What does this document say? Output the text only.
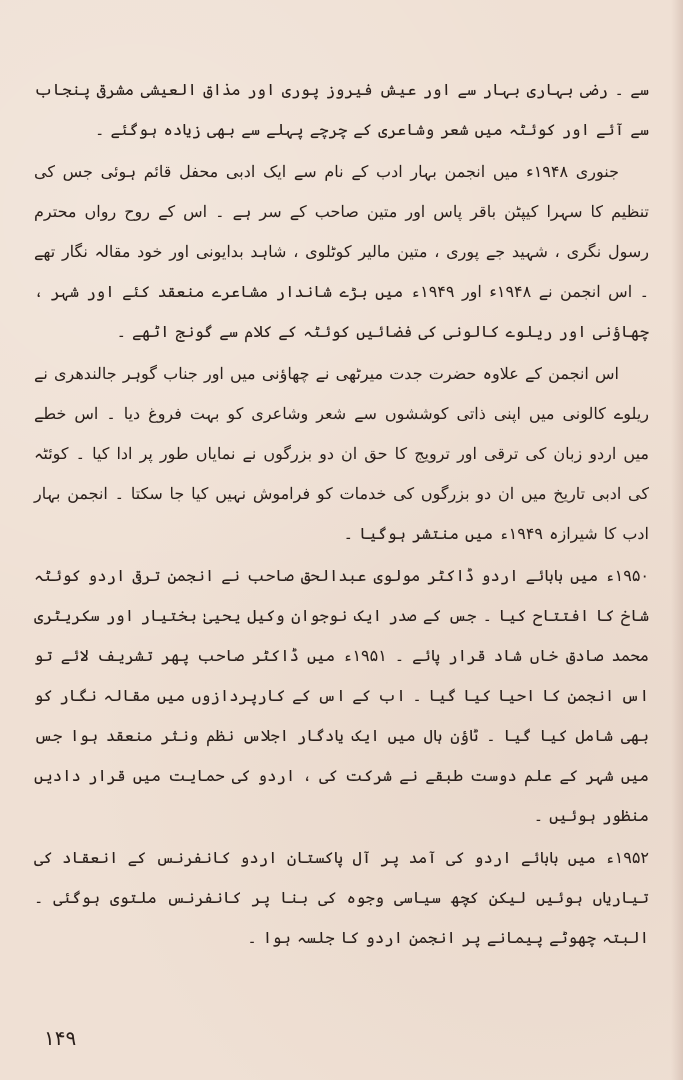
سے ۔ رضی بہاری بہار سے اور عیش فیروز پوری اور مذاق العیشی مشرقی پنجاب سے آئے اور کوئٹہ میں شعر وشاعری کے چرچے پہلے سے بھی زیادہ ہوگئے ۔

جنوری ۱۹۴۸ء میں انجمن بہار ادب کے نام سے ایک ادبی محفل قائم ہوئی جس کی تنظیم کا سہرا کیپٹن باقر پاس اور متین صاحب کے سر ہے ۔ اس کے روح رواں محترم رسول نگری ، شہید جے پوری ، متین مالیر کوٹلوی ، شاہد بدایونی اور خود مقالہ نگار تھے ۔ اس انجمن نے ۱۹۴۸ء اور ۱۹۴۹ء میں بڑے شاندار مشاعرے منعقد کئے اور شہر ، چھاؤنی اور ریلوے کالونی کی فضائیں کوئٹہ کے کلام سے گونج اٹھے ۔

اس انجمن کے علاوہ حضرت جدت میرٹھی نے چھاؤنی میں اور جناب گوہر جالندھری نے ریلوے کالونی میں اپنی ذاتی کوششوں سے شعر وشاعری کو بہت فروغ دیا ۔ اس خطے میں اردو زبان کی ترقی اور ترویج کا حق ان دو بزرگوں نے نمایاں طور پر ادا کیا ۔ کوئٹہ کی ادبی تاریخ میں ان دو بزرگوں کی خدمات کو فراموش نہیں کیا جا سکتا ۔ انجمن بہار ادب کا شیرازہ ۱۹۴۹ء میں منتشر ہوگیا ۔

۱۹۵۰ء میں بابائے اردو ڈاکٹر مولوی عبدالحق صاحب نے انجمن ترقی اردو کوئٹہ شاخ کا افتتاح کیا ۔ جس کے صدر ایک نوجوان وکیل یحییٰ بختیار اور سکریٹری محمد صادق خاں شاد قرار پائے ۔ ۱۹۵۱ء میں ڈاکٹر صاحب پھر تشریف لائے تو اس انجمن کا احیا کیا گیا ۔ اب کے اس کے کارپردازوں میں مقالہ نگار کو بھی شامل کیا گیا ۔ ٹاؤن ہال میں ایک یادگار اجلاس نظم ونثر منعقد ہوا جس میں شہر کے علم دوست طبقے نے شرکت کی ، اردو کی حمایت میں قرار دادیں منظور ہوئیں ۔

۱۹۵۲ء میں بابائے اردو کی آمد پر آل پاکستان اردو کانفرنس کے انعقاد کی تیاریاں ہوئیں لیکن کچھ سیاسی وجوہ کی بنا پر کانفرنس ملتوی ہوگئی ۔ البتہ چھوٹے پیمانے پر انجمن اردو کا جلسہ ہوا ۔

۱۴۹
